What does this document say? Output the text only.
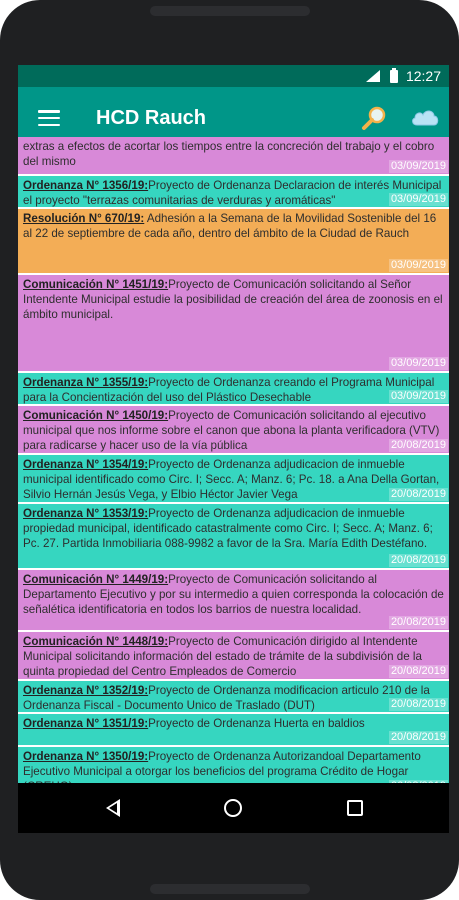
12:27
HCD Rauch
extras a efectos de acortar los tiempos entre la concreción del trabajo y el cobro del mismo	03/09/2019
Ordenanza N° 1356/19:Proyecto de Ordenanza Declaracion de interés Municipal el proyecto "terrazas comunitarias de verduras y aromáticas"	03/09/2019
Resolución N° 670/19: Adhesión a la Semana de la Movilidad Sostenible del 16 al 22 de septiembre de cada año, dentro del ámbito de la Ciudad de Rauch
03/09/2019
Comunicación N° 1451/19:Proyecto de Comunicación solicitando al Señor Intendente Municipal estudie la posibilidad de creación del área de zoonosis en el ámbito municipal.
03/09/2019
Ordenanza N° 1355/19:Proyecto de Ordenanza creando el Programa Municipal para la Concientización del uso del Plástico Desechable	03/09/2019
Comunicación N° 1450/19:Proyecto de Comunicación solicitando al ejecutivo municipal que nos informe sobre el canon que abona la planta verificadora (VTV) para radicarse y hacer uso de la vía pública	20/08/2019
Ordenanza N° 1354/19:Proyecto de Ordenanza adjudicacion de inmueble municipal identificado como Circ. I; Secc. A; Manz. 6; Pc. 18. a Ana Della Gortan, Silvio Hernán Jesús Vega, y Elbio Héctor Javier Vega	20/08/2019
Ordenanza N° 1353/19:Proyecto de Ordenanza adjudicacion de inmueble propiedad municipal, identificado catastralmente como Circ. I; Secc. A; Manz. 6; Pc. 27. Partida Inmobiliaria 088-9982 a favor de la Sra. María Edith Destéfano.
20/08/2019
Comunicación N° 1449/19:Proyecto de Comunicación solicitando al Departamento Ejecutivo y por su intermedio a quien corresponda la colocación de señalética identificatoria en todos los barrios de nuestra localidad.
20/08/2019
Comunicación N° 1448/19:Proyecto de Comunicación dirigido al Intendente Municipal solicitando información del estado de trámite de la subdivisión de la quinta propiedad del Centro Empleados de Comercio	20/08/2019
Ordenanza N° 1352/19:Proyecto de Ordenanza modificacion articulo 210 de la Ordenanza Fiscal - Documento Unico de Traslado (DUT)	20/08/2019
Ordenanza N° 1351/19:Proyecto de Ordenanza Huerta en baldios
20/08/2019
Ordenanza N° 1350/19:Proyecto de Ordenanza Autorizandoal Departamento Ejecutivo Municipal a otorgar los beneficios del programa Crédito de Hogar
